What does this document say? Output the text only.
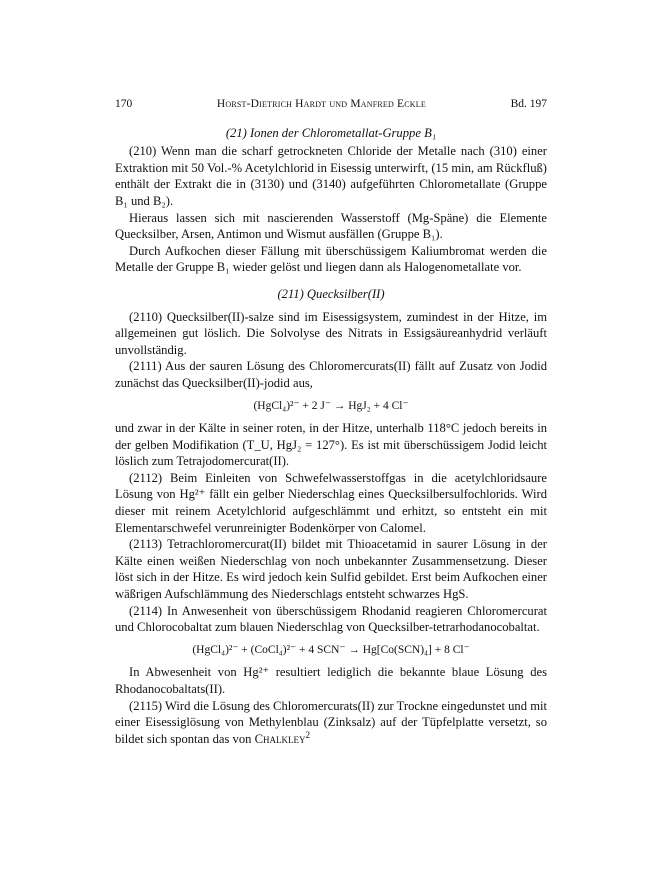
170	Horst-Dietrich Hardt und Manfred Eckle	Bd. 197
(21) Ionen der Chlorometallat-Gruppe B₁

(210) Wenn man die scharf getrockneten Chloride der Metalle nach (310) einer Extraktion mit 50 Vol.-% Acetylchlorid in Eisessig unterwirft, (15 min, am Rückfluß) enthält der Extrakt die in (3130) und (3140) aufgeführten Chlorometallate (Gruppe B₁ und B₂).

Hieraus lassen sich mit nascierenden Wasserstoff (Mg-Späne) die Elemente Quecksilber, Arsen, Antimon und Wismut ausfällen (Gruppe B₁).

Durch Aufkochen dieser Fällung mit überschüssigem Kaliumbromat werden die Metalle der Gruppe B₁ wieder gelöst und liegen dann als Halogenometallate vor.

(211) Quecksilber(II)

(2110) Quecksilber(II)-salze sind im Eisessigsystem, zumindest in der Hitze, im allgemeinen gut löslich. Die Solvolyse des Nitrats in Essigsäureanhydrid verläuft unvollständig.

(2111) Aus der sauren Lösung des Chloromercurats(II) fällt auf Zusatz von Jodid zunächst das Quecksilber(II)-jodid aus,

(HgCl₄)²⁻ + 2 J⁻ → HgJ₂ + 4 Cl⁻

und zwar in der Kälte in seiner roten, in der Hitze, unterhalb 118°C jedoch bereits in der gelben Modifikation (T_U, HgJ₂ = 127°). Es ist mit überschüssigem Jodid leicht löslich zum Tetrajodomercurat(II).

(2112) Beim Einleiten von Schwefelwasserstoffgas in die acetylchloridsaure Lösung von Hg²⁺ fällt ein gelber Niederschlag eines Quecksilbersulfochlorids. Wird dieser mit reinem Acetylchlorid aufgeschlämmt und erhitzt, so entsteht ein mit Elementarschwefel verunreinigter Bodenkörper von Calomel.

(2113) Tetrachloromercurat(II) bildet mit Thioacetamid in saurer Lösung in der Kälte einen weißen Niederschlag von noch unbekannter Zusammensetzung. Dieser löst sich in der Hitze. Es wird jedoch kein Sulfid gebildet. Erst beim Aufkochen einer wäßrigen Aufschlämmung des Niederschlags entsteht schwarzes HgS.

(2114) In Anwesenheit von überschüssigem Rhodanid reagieren Chloromercurat und Chlorocobaltat zum blauen Niederschlag von Quecksilber-tetrarhodanocobaltat.

(HgCl₄)²⁻ + (CoCl₄)²⁻ + 4 SCN⁻ → Hg[Co(SCN)₄] + 8 Cl⁻

In Abwesenheit von Hg²⁺ resultiert lediglich die bekannte blaue Lösung des Rhodanocobaltats(II).

(2115) Wird die Lösung des Chloromercurats(II) zur Trockne eingedunstet und mit einer Eisessiglösung von Methylenblau (Zinksalz) auf der Tüpfelplatte versetzt, so bildet sich spontan das von Chalkley$^2$
